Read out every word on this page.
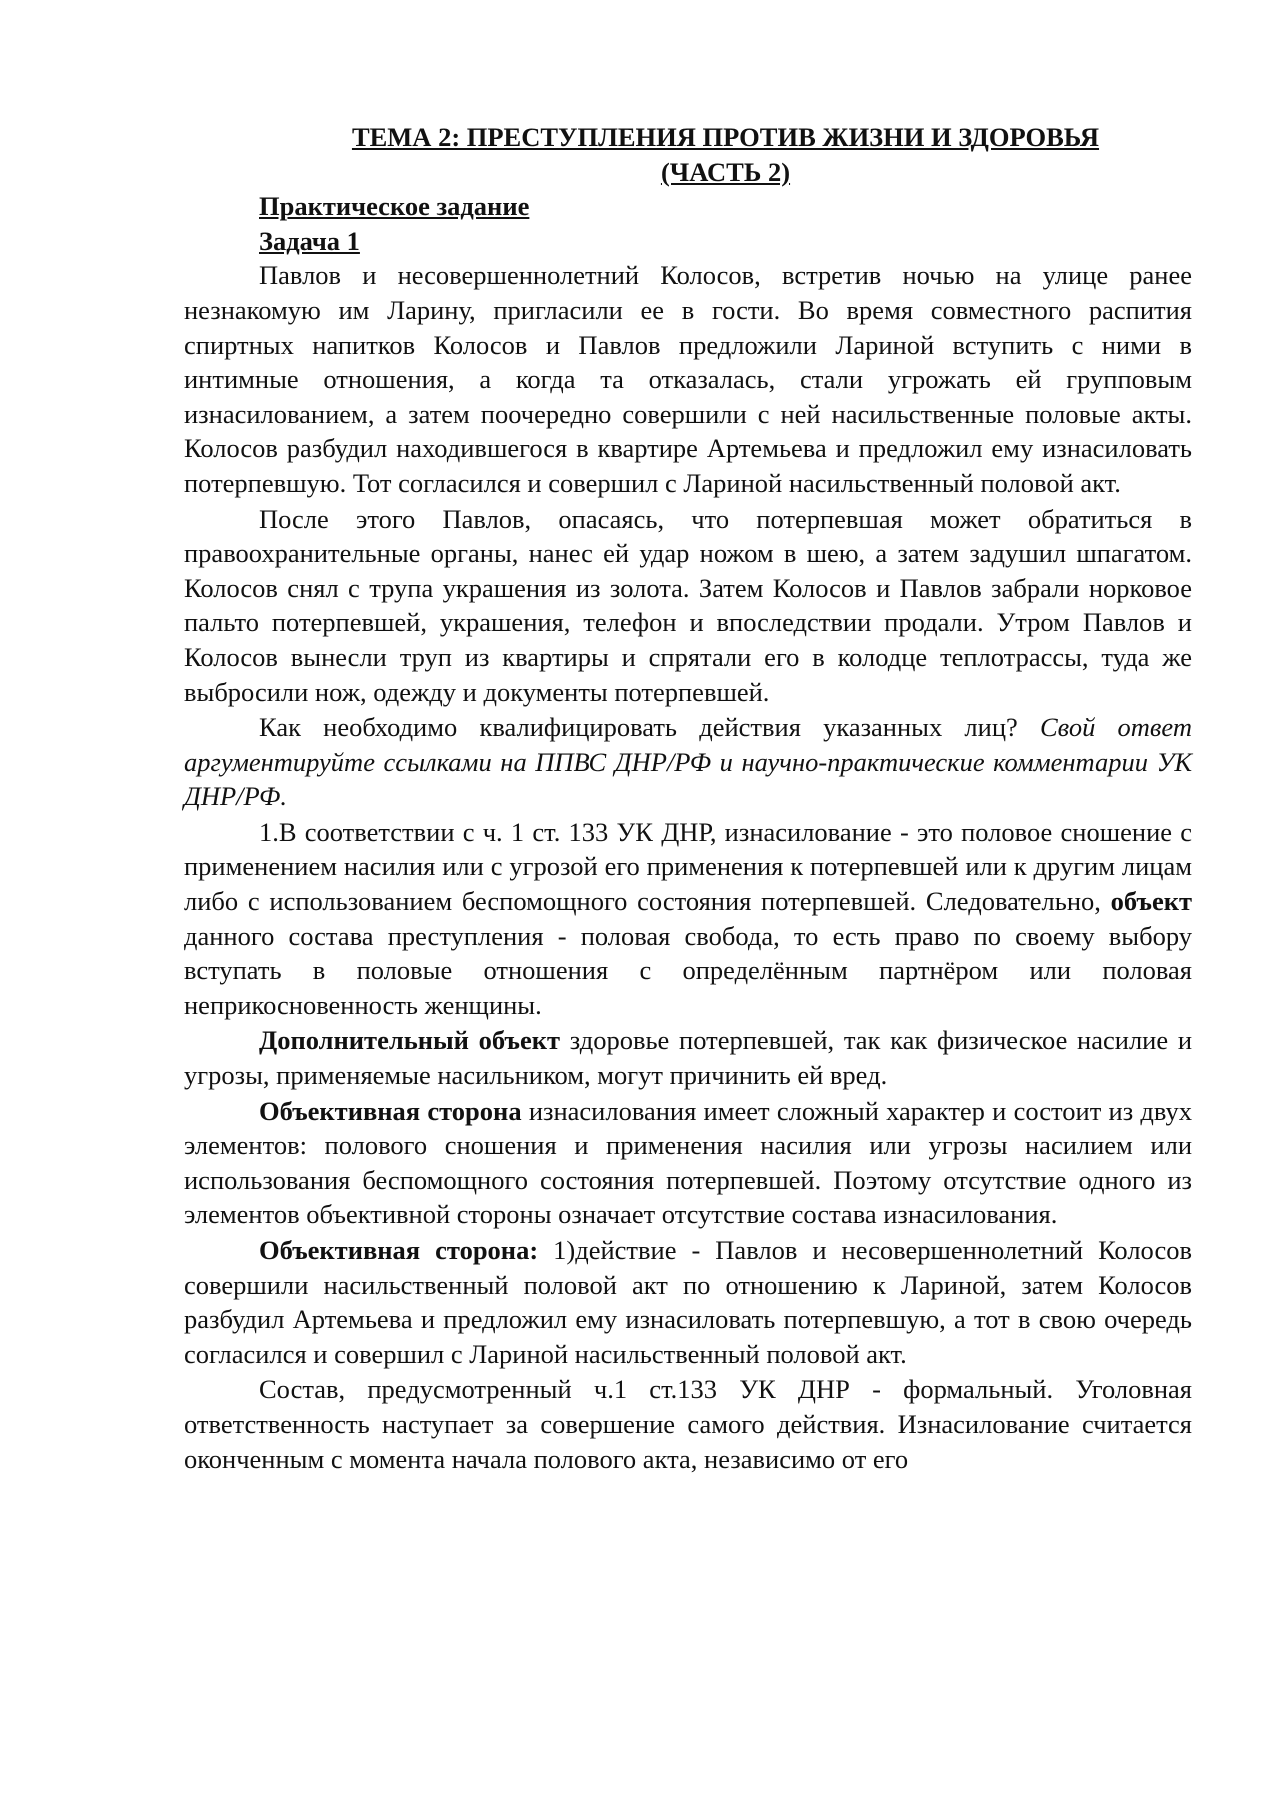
ТЕМА 2: ПРЕСТУПЛЕНИЯ ПРОТИВ ЖИЗНИ И ЗДОРОВЬЯ
(ЧАСТЬ 2)
Практическое задание
Задача 1

Павлов и несовершеннолетний Колосов, встретив ночью на улице ранее незнакомую им Ларину, пригласили ее в гости. Во время совместного распития спиртных напитков Колосов и Павлов предложили Лариной вступить с ними в интимные отношения, а когда та отказалась, стали угрожать ей групповым изнасилованием, а затем поочередно совершили с ней насильственные половые акты. Колосов разбудил находившегося в квартире Артемьева и предложил ему изнасиловать потерпевшую. Тот согласился и совершил с Лариной насильственный половой акт.

После этого Павлов, опасаясь, что потерпевшая может обратиться в правоохранительные органы, нанес ей удар ножом в шею, а затем задушил шпагатом. Колосов снял с трупа украшения из золота. Затем Колосов и Павлов забрали норковое пальто потерпевшей, украшения, телефон и впоследствии продали. Утром Павлов и Колосов вынесли труп из квартиры и спрятали его в колодце теплотрассы, туда же выбросили нож, одежду и документы потерпевшей.

Как необходимо квалифицировать действия указанных лиц? Свой ответ аргументируйте ссылками на ППВС ДНР/РФ и научно-практические комментарии УК ДНР/РФ.

1.В соответствии с ч. 1 ст. 133 УК ДНР, изнасилование - это половое сношение с применением насилия или с угрозой его применения к потерпевшей или к другим лицам либо с использованием беспомощного состояния потерпевшей. Следовательно, объект данного состава преступления - половая свобода, то есть право по своему выбору вступать в половые отношения с определённым партнёром или половая неприкосновенность женщины.

Дополнительный объект здоровье потерпевшей, так как физическое насилие и угрозы, применяемые насильником, могут причинить ей вред.

Объективная сторона изнасилования имеет сложный характер и состоит из двух элементов: полового сношения и применения насилия или угрозы насилием или использования беспомощного состояния потерпевшей. Поэтому отсутствие одного из элементов объективной стороны означает отсутствие состава изнасилования.

Объективная сторона: 1)действие - Павлов и несовершеннолетний Колосов совершили насильственный половой акт по отношению к Лариной, затем Колосов разбудил Артемьева и предложил ему изнасиловать потерпевшую, а тот в свою очередь согласился и совершил с Лариной насильственный половой акт.

Состав, предусмотренный ч.1 ст.133 УК ДНР - формальный. Уголовная ответственность наступает за совершение самого действия. Изнасилование считается оконченным с момента начала полового акта, независимо от его
